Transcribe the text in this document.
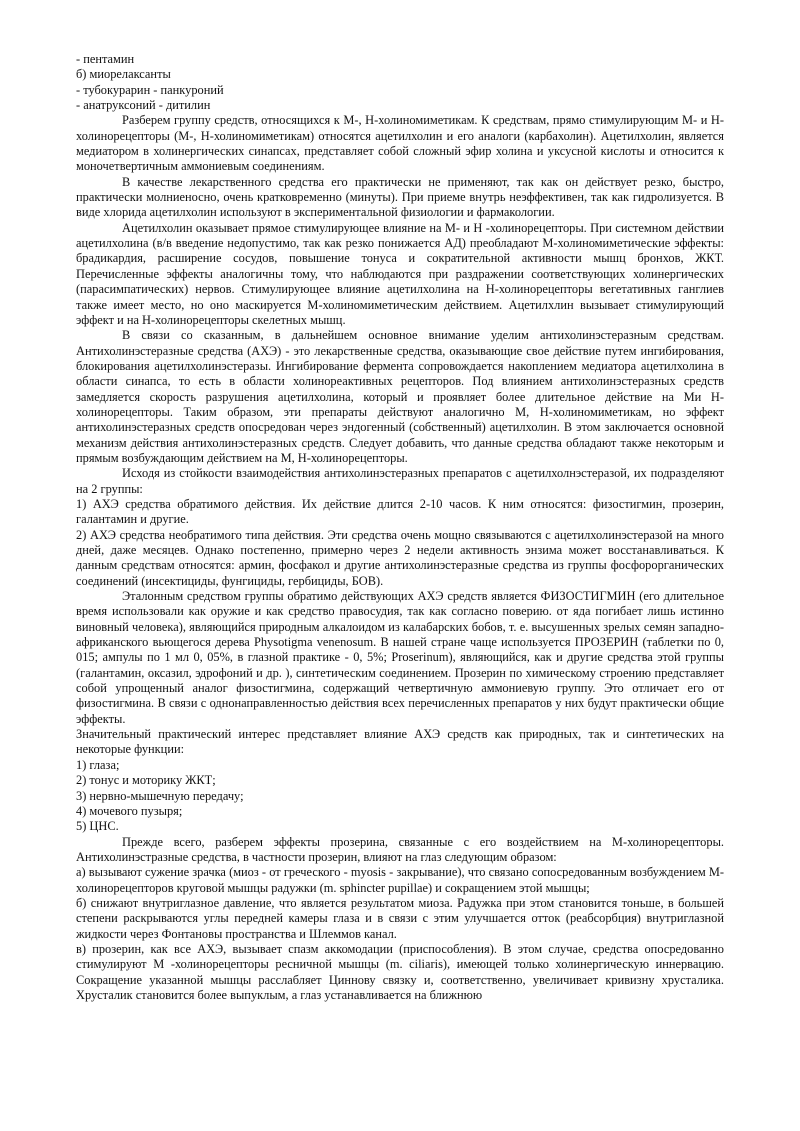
- пентамин

б) миорелаксанты

- тубокурарин - панкуроний

- анатруксоний - дитилин

Разберем группу средств, относящихся к М-, Н-холиномиметикам. К средствам, прямо стимулирующим М- и Н-холинорецепторы (М-, Н-холиномиметикам) относятся ацетилхолин и его аналоги (карбахолин). Ацетилхолин, является медиатором в холинергических синапсах, представляет собой сложный эфир холина и уксусной кислоты и относится к моночетвертичным аммониевым соединениям.

В качестве лекарственного средства его практически не применяют, так как он действует резко, быстро, практически молниеносно, очень кратковременно (минуты). При приеме внутрь неэффективен, так как гидролизуется. В виде хлорида ацетилхолин используют в экспериментальной физиологии и фармакологии.

Ацетилхолин оказывает прямое стимулирующее влияние на М- и Н -холинорецепторы. При системном действии ацетилхолина (в/в введение недопустимо, так как резко понижается АД) преобладают М-холиномиметические эффекты: брадикардия, расширение сосудов, повышение тонуса и сократительной активности мышц бронхов, ЖКТ. Перечисленные эффекты аналогичны тому, что наблюдаются при раздражении соответствующих холинергических (парасимпатических) нервов. Стимулирующее влияние ацетилхолина на Н-холинорецепторы вегетативных ганглиев также имеет место, но оно маскируется М-холиномиметическим действием. Ацетилхлин вызывает стимулирующий эффект и на Н-холинорецепторы скелетных мышц.

В связи со сказанным, в дальнейшем основное внимание уделим антихолинэстеразным средствам. Антихолинэстеразные средства (АХЭ) - это лекарственные средства, оказывающие свое действие путем ингибирования, блокирования ацетилхолинэстеразы. Ингибирование фермента сопровождается накоплением медиатора ацетилхолина в области синапса, то есть в области холинореактивных рецепторов. Под влиянием антихолинэстеразных средств замедляется скорость разрушения ацетилхолина, который и проявляет более длительное действие на Ми Н-холинорецепторы. Таким образом, эти препараты действуют аналогично М, Н-холиномиметикам, но эффект антихолинэстеразных средств опосредован через эндогенный (собственный) ацетилхолин. В этом заключается основной механизм действия антихолинэстеразных средств. Следует добавить, что данные средства обладают также некоторым и прямым возбуждающим действием на М, Н-холинорецепторы.

Исходя из стойкости взаимодействия антихолинэстеразных препаратов с ацетилхолнэстеразой, их подразделяют на 2 группы:

1) АХЭ средства обратимого действия. Их действие длится 2-10 часов. К ним относятся: физостигмин, прозерин, галантамин и другие.

2) АХЭ средства необратимого типа действия. Эти средства очень мощно связываются с ацетилхолинэстеразой на многo дней, даже месяцев. Однако постепенно, примерно через 2 недели активность энзима может восстанавливаться. К данным средствам относятся: армин, фосфакол и другие антихолинэстеразные средства из группы фосфорорганических соединений (инсектициды, фунгициды, гербициды, БОВ).

Эталонным средством группы обратимо действующих АХЭ средств является ФИЗОСТИГМИН (его длительное время использовали как оружие и как средство правосудия, так как согласно поверию. от яда погибает лишь истинно виновный человека), являющийся природным алкалоидом из калабарских бобов, т. е. высушенных зрелых семян западно-африканского вьющегося дерева Physotigma venenosum. В нашей стране чаще используется ПРОЗЕРИН (таблетки по 0, 015; ампулы по 1 мл 0, 05%, в глазной практике - 0, 5%; Proserinum), являющийся, как и другие средства этой группы (галантамин, оксазил, эдрофоний и др. ), синтетическим соединением. Прозерин по химическому строению представляет собой упрощенный аналог физостигмина, содержащий четвертичную аммониевую группу. Это отличает его от физостигмина. В связи с однонаправленностью действия всех перечисленных препаратов у них будут практически общие эффекты.

Значительный практический интерес представляет влияние АХЭ средств как природных, так и синтетических на некоторые функции:

1) глаза;

2) тонус и моторику ЖКТ;

3) нервно-мышечную передачу;

4) мочевого пузыря;

5) ЦНС.

Прежде всего, разберем эффекты прозерина, связанные с его воздействием на М-холинорецепторы. Антихолинэстразные средства, в частности прозерин, влияют на глаз следующим образом:

а) вызывают сужение зрачка (миоз - от греческого - myosis - закрывание), что связано сопосредованным возбуждением М-холинорецепторов круговой мышцы радужки (m. sphincter pupillae) и сокращением этой мышцы;

б) снижают внутриглазное давление, что является результатом миоза. Радужка при этом становится тоньше, в большей степени раскрываются углы передней камеры глаза и в связи с этим улучшается отток (реабсорбция) внутриглазной жидкости через Фонтановы пространства и Шлеммов канал.

в) прозерин, как все АХЭ, вызывает спазм аккомодации (приспособления). В этом случае, средства опосредованно стимулируют М -холинорецепторы ресничной мышцы (m. ciliaris), имеющей только холинергическую иннервацию. Сокращение указанной мышцы расслабляет Циннову связку и, соответственно, увеличивает кривизну хрусталика. Хрусталик становится более выпуклым, а глаз устанавливается на ближнюю
